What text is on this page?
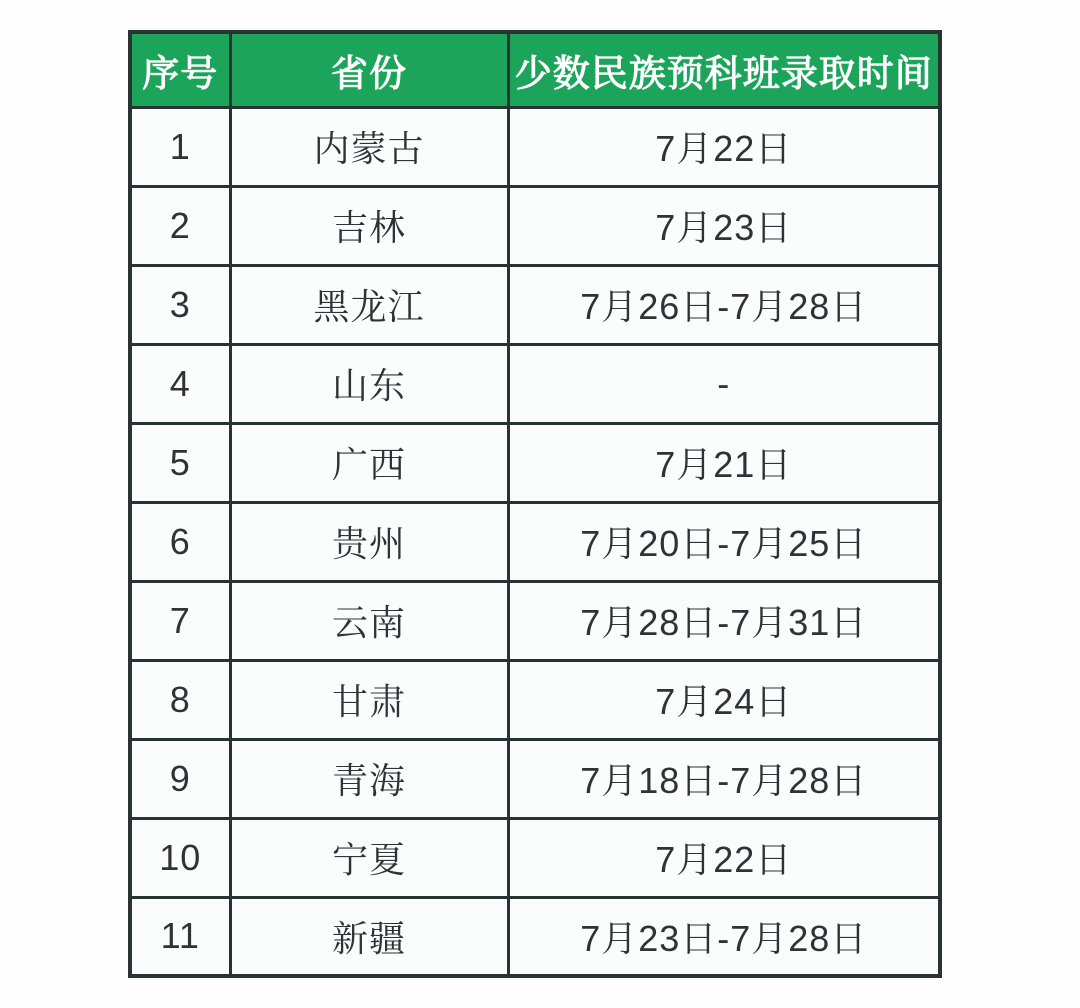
序号	省份	少数民族预科班录取时间
1	内蒙古	7月22日
2	吉林	7月23日
3	黑龙江	7月26日-7月28日
4	山东	-
5	广西	7月21日
6	贵州	7月20日-7月25日
7	云南	7月28日-7月31日
8	甘肃	7月24日
9	青海	7月18日-7月28日
10	宁夏	7月22日
11	新疆	7月23日-7月28日
